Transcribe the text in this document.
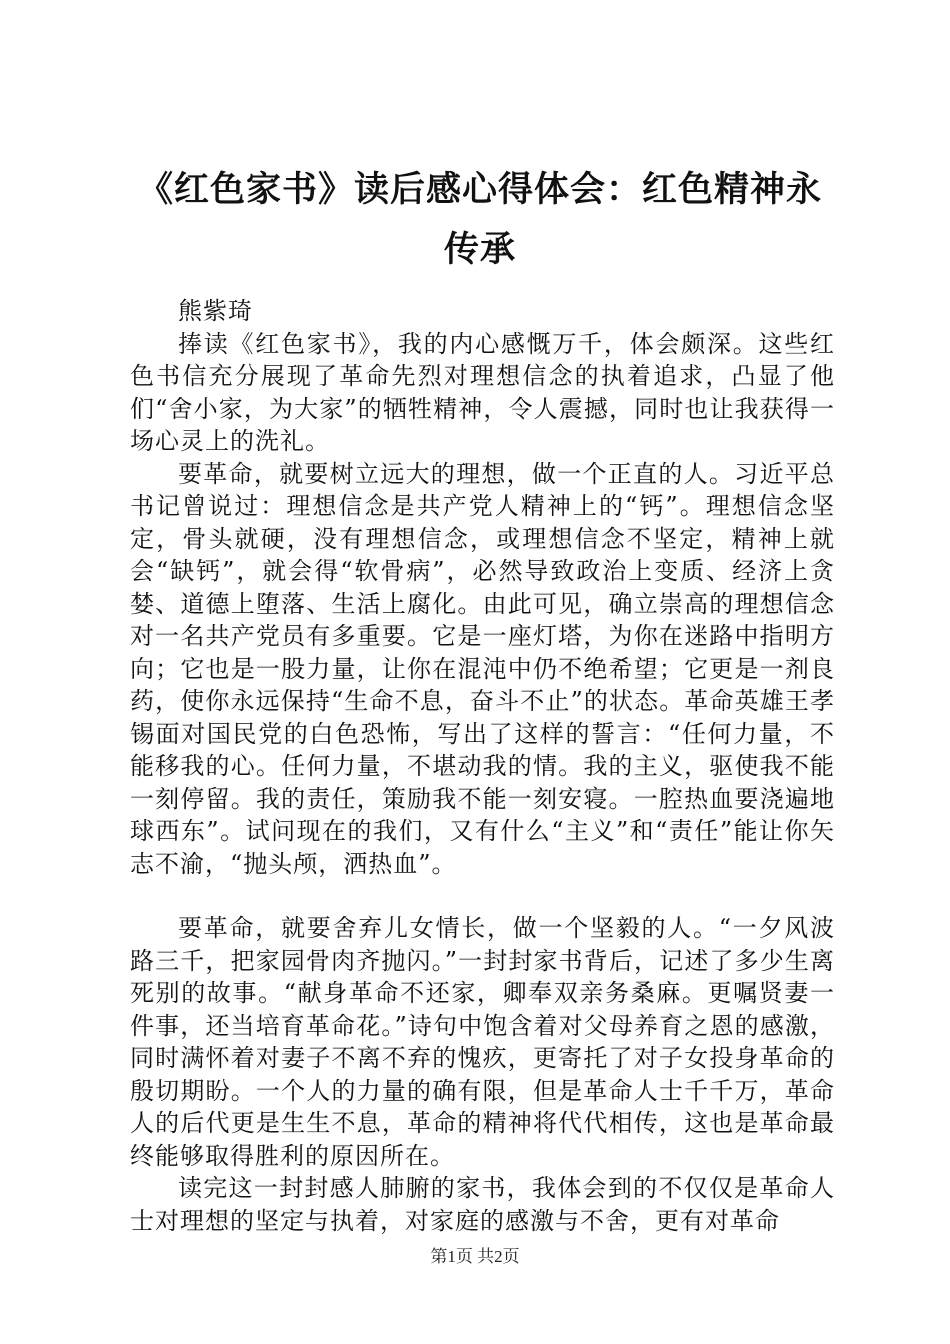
《红色家书》读后感心得体会：红色精神永传承
熊紫琦

捧读《红色家书》，我的内心感慨万千，体会颇深。这些红色书信充分展现了革命先烈对理想信念的执着追求，凸显了他们“舍小家，为大家”的牺牲精神，令人震撼，同时也让我获得一场心灵上的洗礼。

要革命，就要树立远大的理想，做一个正直的人。习近平总书记曾说过：理想信念是共产党人精神上的“钙”。理想信念坚定，骨头就硬，没有理想信念，或理想信念不坚定，精神上就会“缺钙”，就会得“软骨病”，必然导致政治上变质、经济上贪婪、道德上堕落、生活上腐化。由此可见，确立崇高的理想信念对一名共产党员有多重要。它是一座灯塔，为你在迷路中指明方向；它也是一股力量，让你在混沌中仍不绝希望；它更是一剂良药，使你永远保持“生命不息，奋斗不止”的状态。革命英雄王孝锡面对国民党的白色恐怖，写出了这样的誓言：“任何力量，不能移我的心。任何力量，不堪动我的情。我的主义，驱使我不能一刻停留。我的责任，策励我不能一刻安寝。一腔热血要浇遍地球西东”。试问现在的我们，又有什么“主义”和“责任”能让你矢志不渝，“抛头颅，洒热血”。

要革命，就要舍弃儿女情长，做一个坚毅的人。“一夕风波路三千，把家园骨肉齐抛闪。”一封封家书背后，记述了多少生离死别的故事。“献身革命不还家，卿奉双亲务桑麻。更嘱贤妻一件事，还当培育革命花。”诗句中饱含着对父母养育之恩的感激，同时满怀着对妻子不离不弃的愧疚，更寄托了对子女投身革命的殷切期盼。一个人的力量的确有限，但是革命人士千千万，革命人的后代更是生生不息，革命的精神将代代相传，这也是革命最终能够取得胜利的原因所在。

读完这一封封感人肺腑的家书，我体会到的不仅仅是革命人士对理想的坚定与执着，对家庭的感激与不舍，更有对革命

第1页 共2页
